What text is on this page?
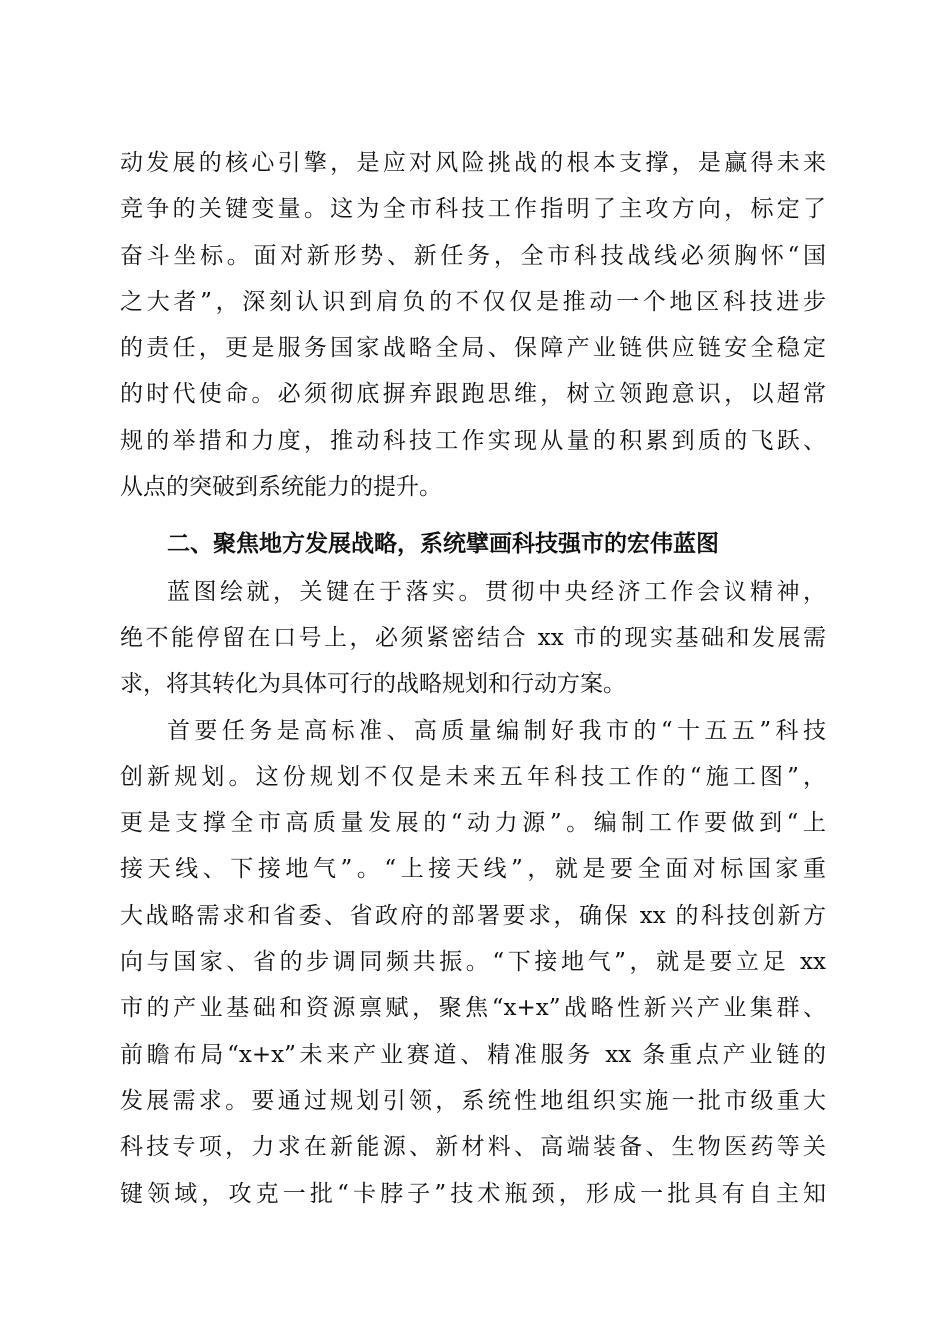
动发展的核心引擎，是应对风险挑战的根本支撑，是赢得未来
竞争的关键变量。这为全市科技工作指明了主攻方向，标定了
奋斗坐标。面对新形势、新任务，全市科技战线必须胸怀“国
之大者”，深刻认识到肩负的不仅仅是推动一个地区科技进步
的责任，更是服务国家战略全局、保障产业链供应链安全稳定
的时代使命。必须彻底摒弃跟跑思维，树立领跑意识，以超常
规的举措和力度，推动科技工作实现从量的积累到质的飞跃、
从点的突破到系统能力的提升。
二、聚焦地方发展战略，系统擘画科技强市的宏伟蓝图
蓝图绘就，关键在于落实。贯彻中央经济工作会议精神，
绝不能停留在口号上，必须紧密结合 xx 市的现实基础和发展需
求，将其转化为具体可行的战略规划和行动方案。
首要任务是高标准、高质量编制好我市的“十五五”科技
创新规划。这份规划不仅是未来五年科技工作的“施工图”，
更是支撑全市高质量发展的“动力源”。编制工作要做到“上
接天线、下接地气”。“上接天线”，就是要全面对标国家重
大战略需求和省委、省政府的部署要求，确保 xx 的科技创新方
向与国家、省的步调同频共振。“下接地气”，就是要立足 xx
市的产业基础和资源禀赋，聚焦“x+x”战略性新兴产业集群、
前瞻布局“x+x”未来产业赛道、精准服务 xx 条重点产业链的
发展需求。要通过规划引领，系统性地组织实施一批市级重大
科技专项，力求在新能源、新材料、高端装备、生物医药等关
键领域，攻克一批“卡脖子”技术瓶颈，形成一批具有自主知
